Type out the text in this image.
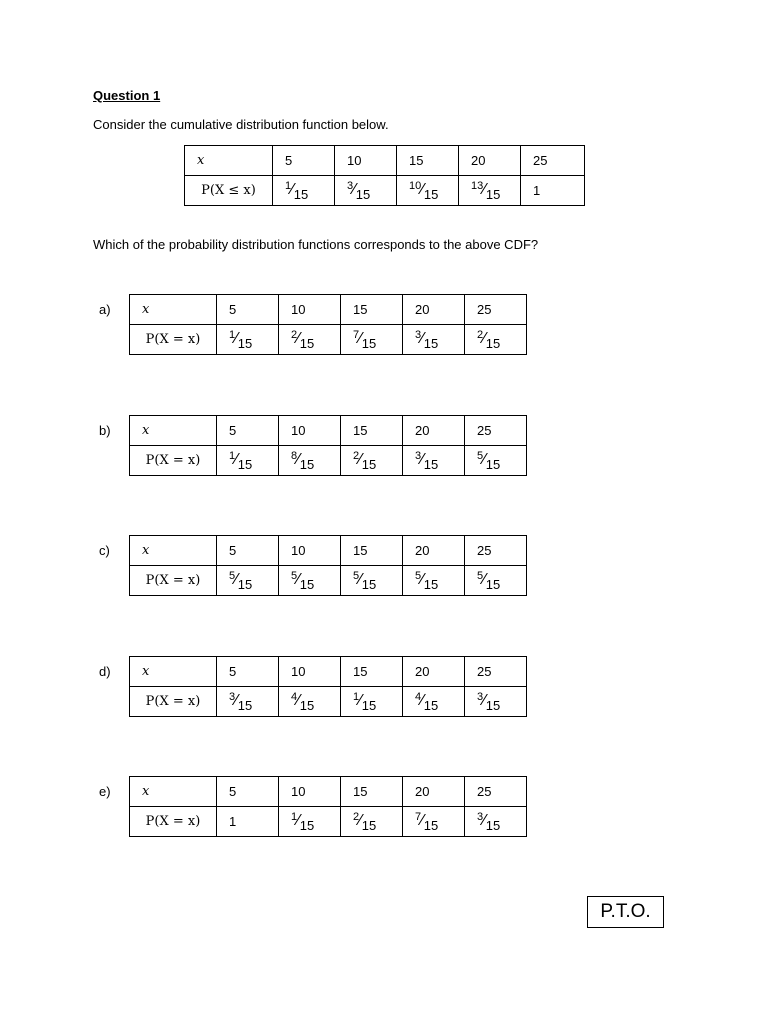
Question 1
Consider the cumulative distribution function below.
x	5	10	15	20	25
P(X ≤ x)	$^1⁄_{15}$	$^3⁄_{15}$	$^{10}⁄_{15}$	$^{13}⁄_{15}$	1
Which of the probability distribution functions corresponds to the above CDF?
a) x	5	10	15	20	25
P(X = x)	$^1⁄_{15}$	$^2⁄_{15}$	$^7⁄_{15}$	$^3⁄_{15}$	$^2⁄_{15}$
b) x	5	10	15	20	25
P(X = x)	$^1⁄_{15}$	$^8⁄_{15}$	$^2⁄_{15}$	$^3⁄_{15}$	$^5⁄_{15}$
c) x	5	10	15	20	25
P(X = x)	$^5⁄_{15}$	$^5⁄_{15}$	$^5⁄_{15}$	$^5⁄_{15}$	$^5⁄_{15}$
d) x	5	10	15	20	25
P(X = x)	$^3⁄_{15}$	$^4⁄_{15}$	$^1⁄_{15}$	$^4⁄_{15}$	$^3⁄_{15}$
e) x	5	10	15	20	25
P(X = x)	1	$^1⁄_{15}$	$^2⁄_{15}$	$^7⁄_{15}$	$^3⁄_{15}$
P.T.O.
